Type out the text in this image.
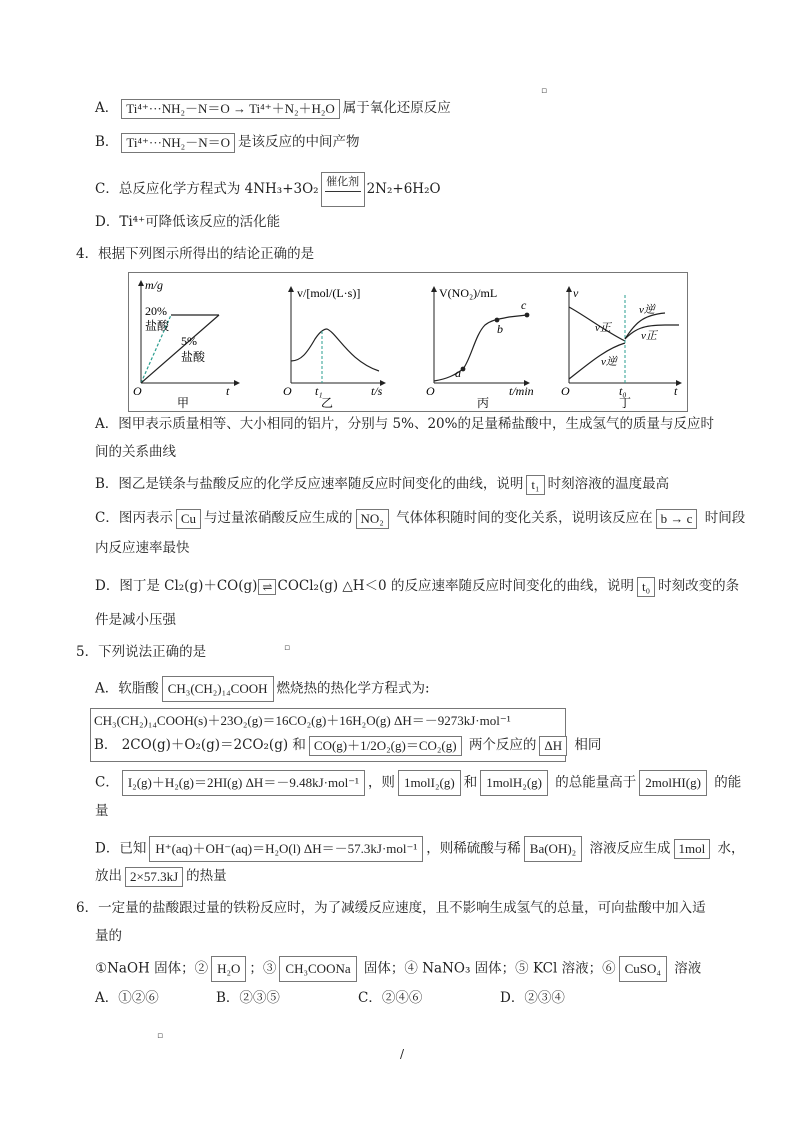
▫
▫
▫
A． Ti⁴⁺···NH₂－N＝O → Ti⁴⁺＋N₂＋H₂O 属于氧化还原反应
B． Ti⁴⁺···NH₂－N＝O 是该反应的中间产物
C．总反应化学方程式为 4NH₃+3O₂ 催化剂 2N₂+6H₂O
D．Ti⁴⁺可降低该反应的活化能
4．根据下列图示所得出的结论正确的是
m/g
20%
盐酸
5%
盐酸
O	t
甲
v/[mol/(L·s)]
O t₁	t/s
乙
V(NO₂)/mL
a
b
c
O	t/min
丙
v
v逆
v正
v正
v逆
O	t₀	t
丁
A．图甲表示质量相等、大小相同的铝片，分别与 5%、20%的足量稀盐酸中，生成氢气的质量与反应时
间的关系曲线
B．图乙是镁条与盐酸反应的化学反应速率随反应时间变化的曲线，说明 t₁ 时刻溶液的温度最高
C．图丙表示 Cu 与过量浓硝酸反应生成的 NO₂ 气体体积随时间的变化关系，说明该反应在 b → c 时间段
内反应速率最快
D．图丁是 Cl₂(g)＋CO(g) ⇌ COCl₂(g) △H＜0 的反应速率随反应时间变化的曲线，说明 t₀ 时刻改变的条
件是减小压强
5．下列说法正确的是
A．软脂酸 CH₃(CH₂)₁₄COOH 燃烧热的热化学方程式为:
CH₃(CH₂)₁₄COOH(s)＋23O₂(g)＝16CO₂(g)＋16H₂O(g) ΔH＝－9273kJ·mol⁻¹
B． 2CO(g)＋O₂(g)＝2CO₂(g) 和 CO(g)＋1/2O₂(g)＝CO₂(g) 两个反应的 ΔH 相同
C． I₂(g)＋H₂(g)＝2HI(g) ΔH＝－9.48kJ·mol⁻¹ ，则 1molI₂(g) 和 1molH₂(g) 的总能量高于 2molHI(g) 的能
量
D．已知 H⁺(aq)＋OH⁻(aq)＝H₂O(l) ΔH＝－57.3kJ·mol⁻¹ ，则稀硫酸与稀 Ba(OH)₂ 溶液反应生成 1mol 水，
放出 2×57.3kJ 的热量
6．一定量的盐酸跟过量的铁粉反应时，为了减缓反应速度，且不影响生成氢气的总量，可向盐酸中加入适
量的
①NaOH 固体；② H₂O ；③ CH₃COONa 固体；④ NaNO₃ 固体；⑤ KCl 溶液；⑥ CuSO₄ 溶液
A．①②⑥	B．②③⑤	C．②④⑥	D．②③④
/
